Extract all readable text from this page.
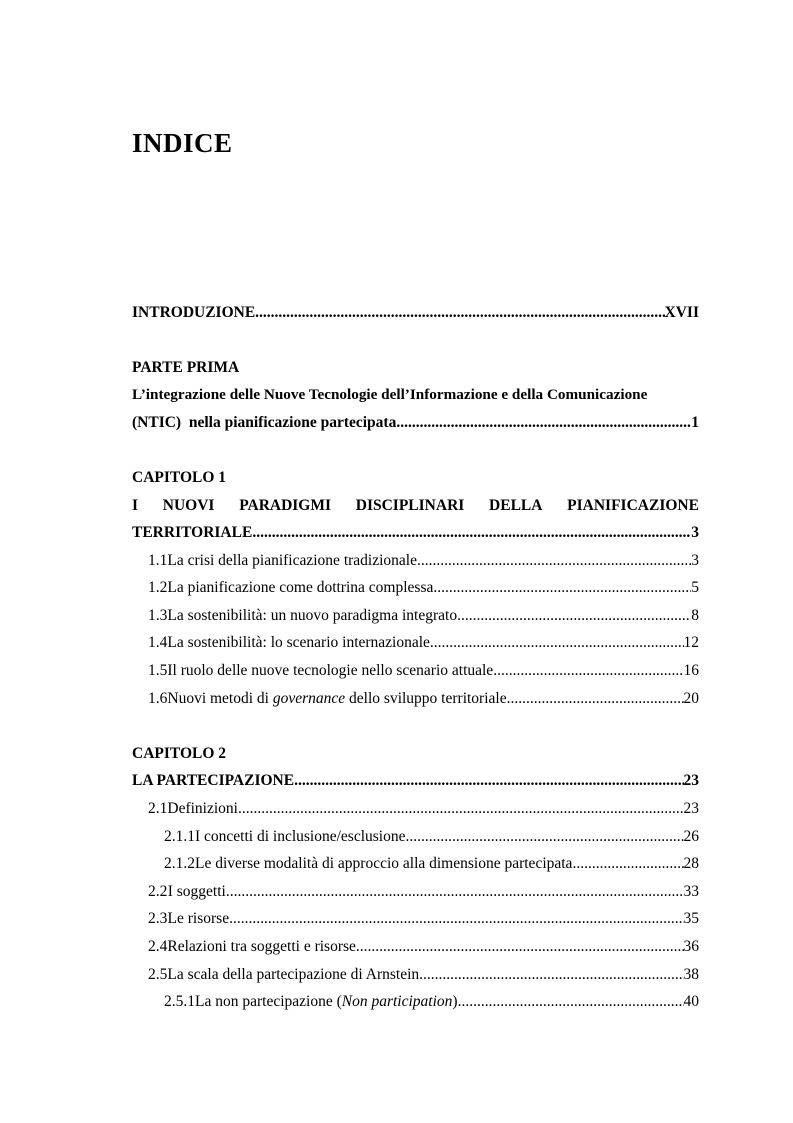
INDICE
INTRODUZIONE .....	XVII
PARTE PRIMA
L’integrazione delle Nuove Tecnologie dell’Informazione e della Comunicazione
(NTIC)  nella pianificazione partecipata .....	1
CAPITOLO 1
I NUOVI PARADIGMI DISCIPLINARI DELLA PIANIFICAZIONE
TERRITORIALE .....	3
1.1 La crisi della pianificazione tradizionale .....	3
1.2 La pianificazione come dottrina complessa .....	5
1.3 La sostenibilità: un nuovo paradigma integrato .....	8
1.4 La sostenibilità: lo scenario internazionale .....	12
1.5 Il ruolo delle nuove tecnologie nello scenario attuale .....	16
1.6 Nuovi metodi di governance dello sviluppo territoriale .....	20
CAPITOLO 2
LA PARTECIPAZIONE .....	23
2.1 Definizioni .....	23
2.1.1 I concetti di inclusione/esclusione .....	26
2.1.2 Le diverse modalità di approccio alla dimensione partecipata .....	28
2.2 I soggetti .....	33
2.3 Le risorse .....	35
2.4 Relazioni tra soggetti e risorse .....	36
2.5 La scala della partecipazione di Arnstein .....	38
2.5.1 La non partecipazione (Non participation) .....	40
